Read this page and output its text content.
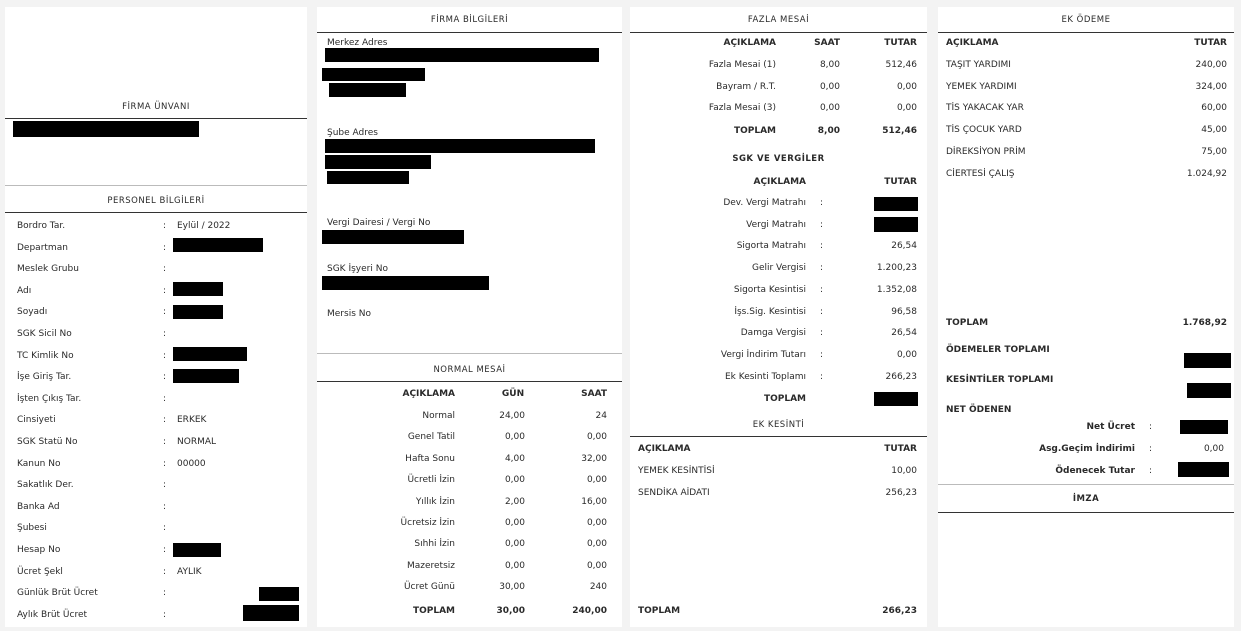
FİRMA ÜNVANI
PERSONEL BİLGİLERİ
Bordro Tar.	: Eylül / 2022
Departman	:
Meslek Grubu	:
Adı	:
Soyadı	:
SGK Sicil No	:
TC Kimlik No	:
İşe Giriş Tar.	:
İşten Çıkış Tar.	:
Cinsiyeti	: ERKEK
SGK Statü No	: NORMAL
Kanun No	: 00000
Sakatlık Der.	:
Banka Ad	:
Şubesi	:
Hesap No	:
Ücret Şekl	: AYLIK
Günlük Brüt Ücret	:
Aylık Brüt Ücret	:
FİRMA BİLGİLERİ
Merkez Adres
Şube Adres
Vergi Dairesi / Vergi No
SGK İşyeri No
Mersis No
NORMAL MESAİ
AÇIKLAMA	GÜN	SAAT
Normal	24,00	24
Genel Tatil	0,00	0,00
Hafta Sonu	4,00	32,00
Ücretli İzin	0,00	0,00
Yıllık İzin	2,00	16,00
Ücretsiz İzin	0,00	0,00
Sıhhi İzin	0,00	0,00
Mazeretsiz	0,00	0,00
Ücret Günü	30,00	240
TOPLAM	30,00	240,00
FAZLA MESAİ
AÇIKLAMA	SAAT	TUTAR
Fazla Mesai (1)	8,00	512,46
Bayram / R.T.	0,00	0,00
Fazla Mesai (3)	0,00	0,00
TOPLAM	8,00	512,46
SGK VE VERGİLER
AÇIKLAMA	TUTAR
Dev. Vergi Matrahı :
Vergi Matrahı :
Sigorta Matrahı :	26,54
Gelir Vergisi :	1.200,23
Sigorta Kesintisi :	1.352,08
İşs.Sig. Kesintisi :	96,58
Damga Vergisi :	26,54
Vergi İndirim Tutarı :	0,00
Ek Kesinti Toplamı :	266,23
TOPLAM
EK KESİNTİ
AÇIKLAMA	TUTAR
YEMEK KESİNTİSİ	10,00
SENDİKA AİDATI	256,23
TOPLAM	266,23
EK ÖDEME
AÇIKLAMA	TUTAR
TAŞIT YARDIMI	240,00
YEMEK YARDIMI	324,00
TİS YAKACAK YAR	60,00
TİS ÇOCUK YARD	45,00
DİREKSİYON PRİM	75,00
CİERTESİ ÇALIŞ	1.024,92
TOPLAM	1.768,92
ÖDEMELER TOPLAMI
KESİNTİLER TOPLAMI
NET ÖDENEN
Net Ücret :
Asg.Geçim İndirimi :	0,00
Ödenecek Tutar :
İMZA
